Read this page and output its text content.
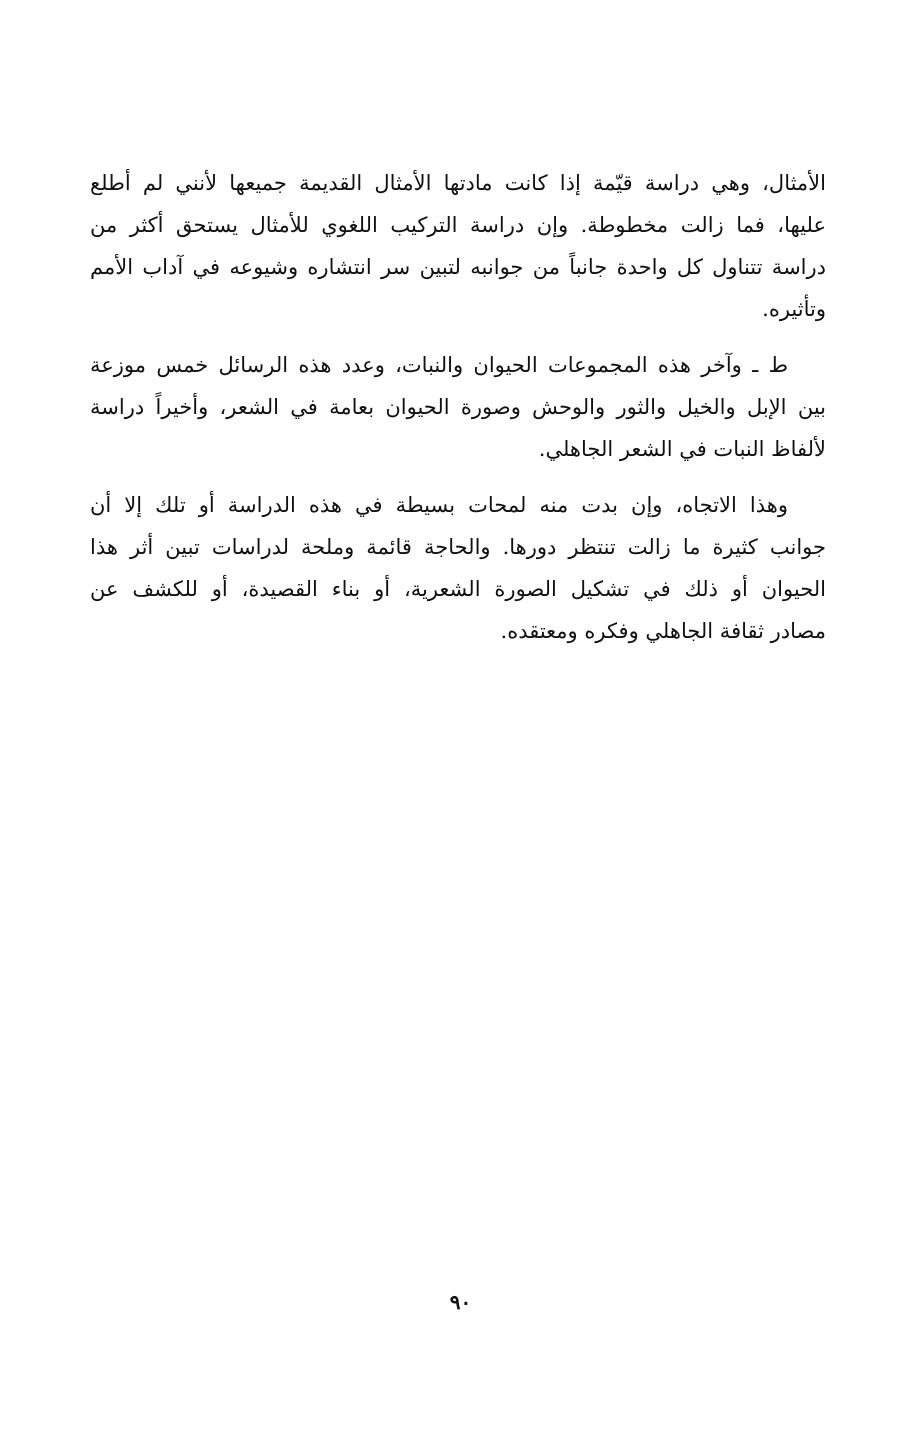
الأمثال، وهي دراسة قيّمة إذا كانت مادتها الأمثال القديمة جميعها لأنني لم أطلع
عليها، فما زالت مخطوطة. وإن دراسة التركيب اللغوي للأمثال يستحق أكثر من
دراسة تتناول كل واحدة جانباً من جوانبه لتبين سر انتشاره وشيوعه في آداب الأمم
وتأثيره.

ط ـ وآخر هذه المجموعات الحيوان والنبات، وعدد هذه الرسائل خمس موزعة
بين الإبل والخيل والثور والوحش وصورة الحيوان بعامة في الشعر، وأخيراً دراسة
لألفاظ النبات في الشعر الجاهلي.

وهذا الاتجاه، وإن بدت منه لمحات بسيطة في هذه الدراسة أو تلك إلا أن
جوانب كثيرة ما زالت تنتظر دورها. والحاجة قائمة وملحة لدراسات تبين أثر هذا
الحيوان أو ذلك في تشكيل الصورة الشعرية، أو بناء القصيدة، أو للكشف عن
مصادر ثقافة الجاهلي وفكره ومعتقده.

٩٠
